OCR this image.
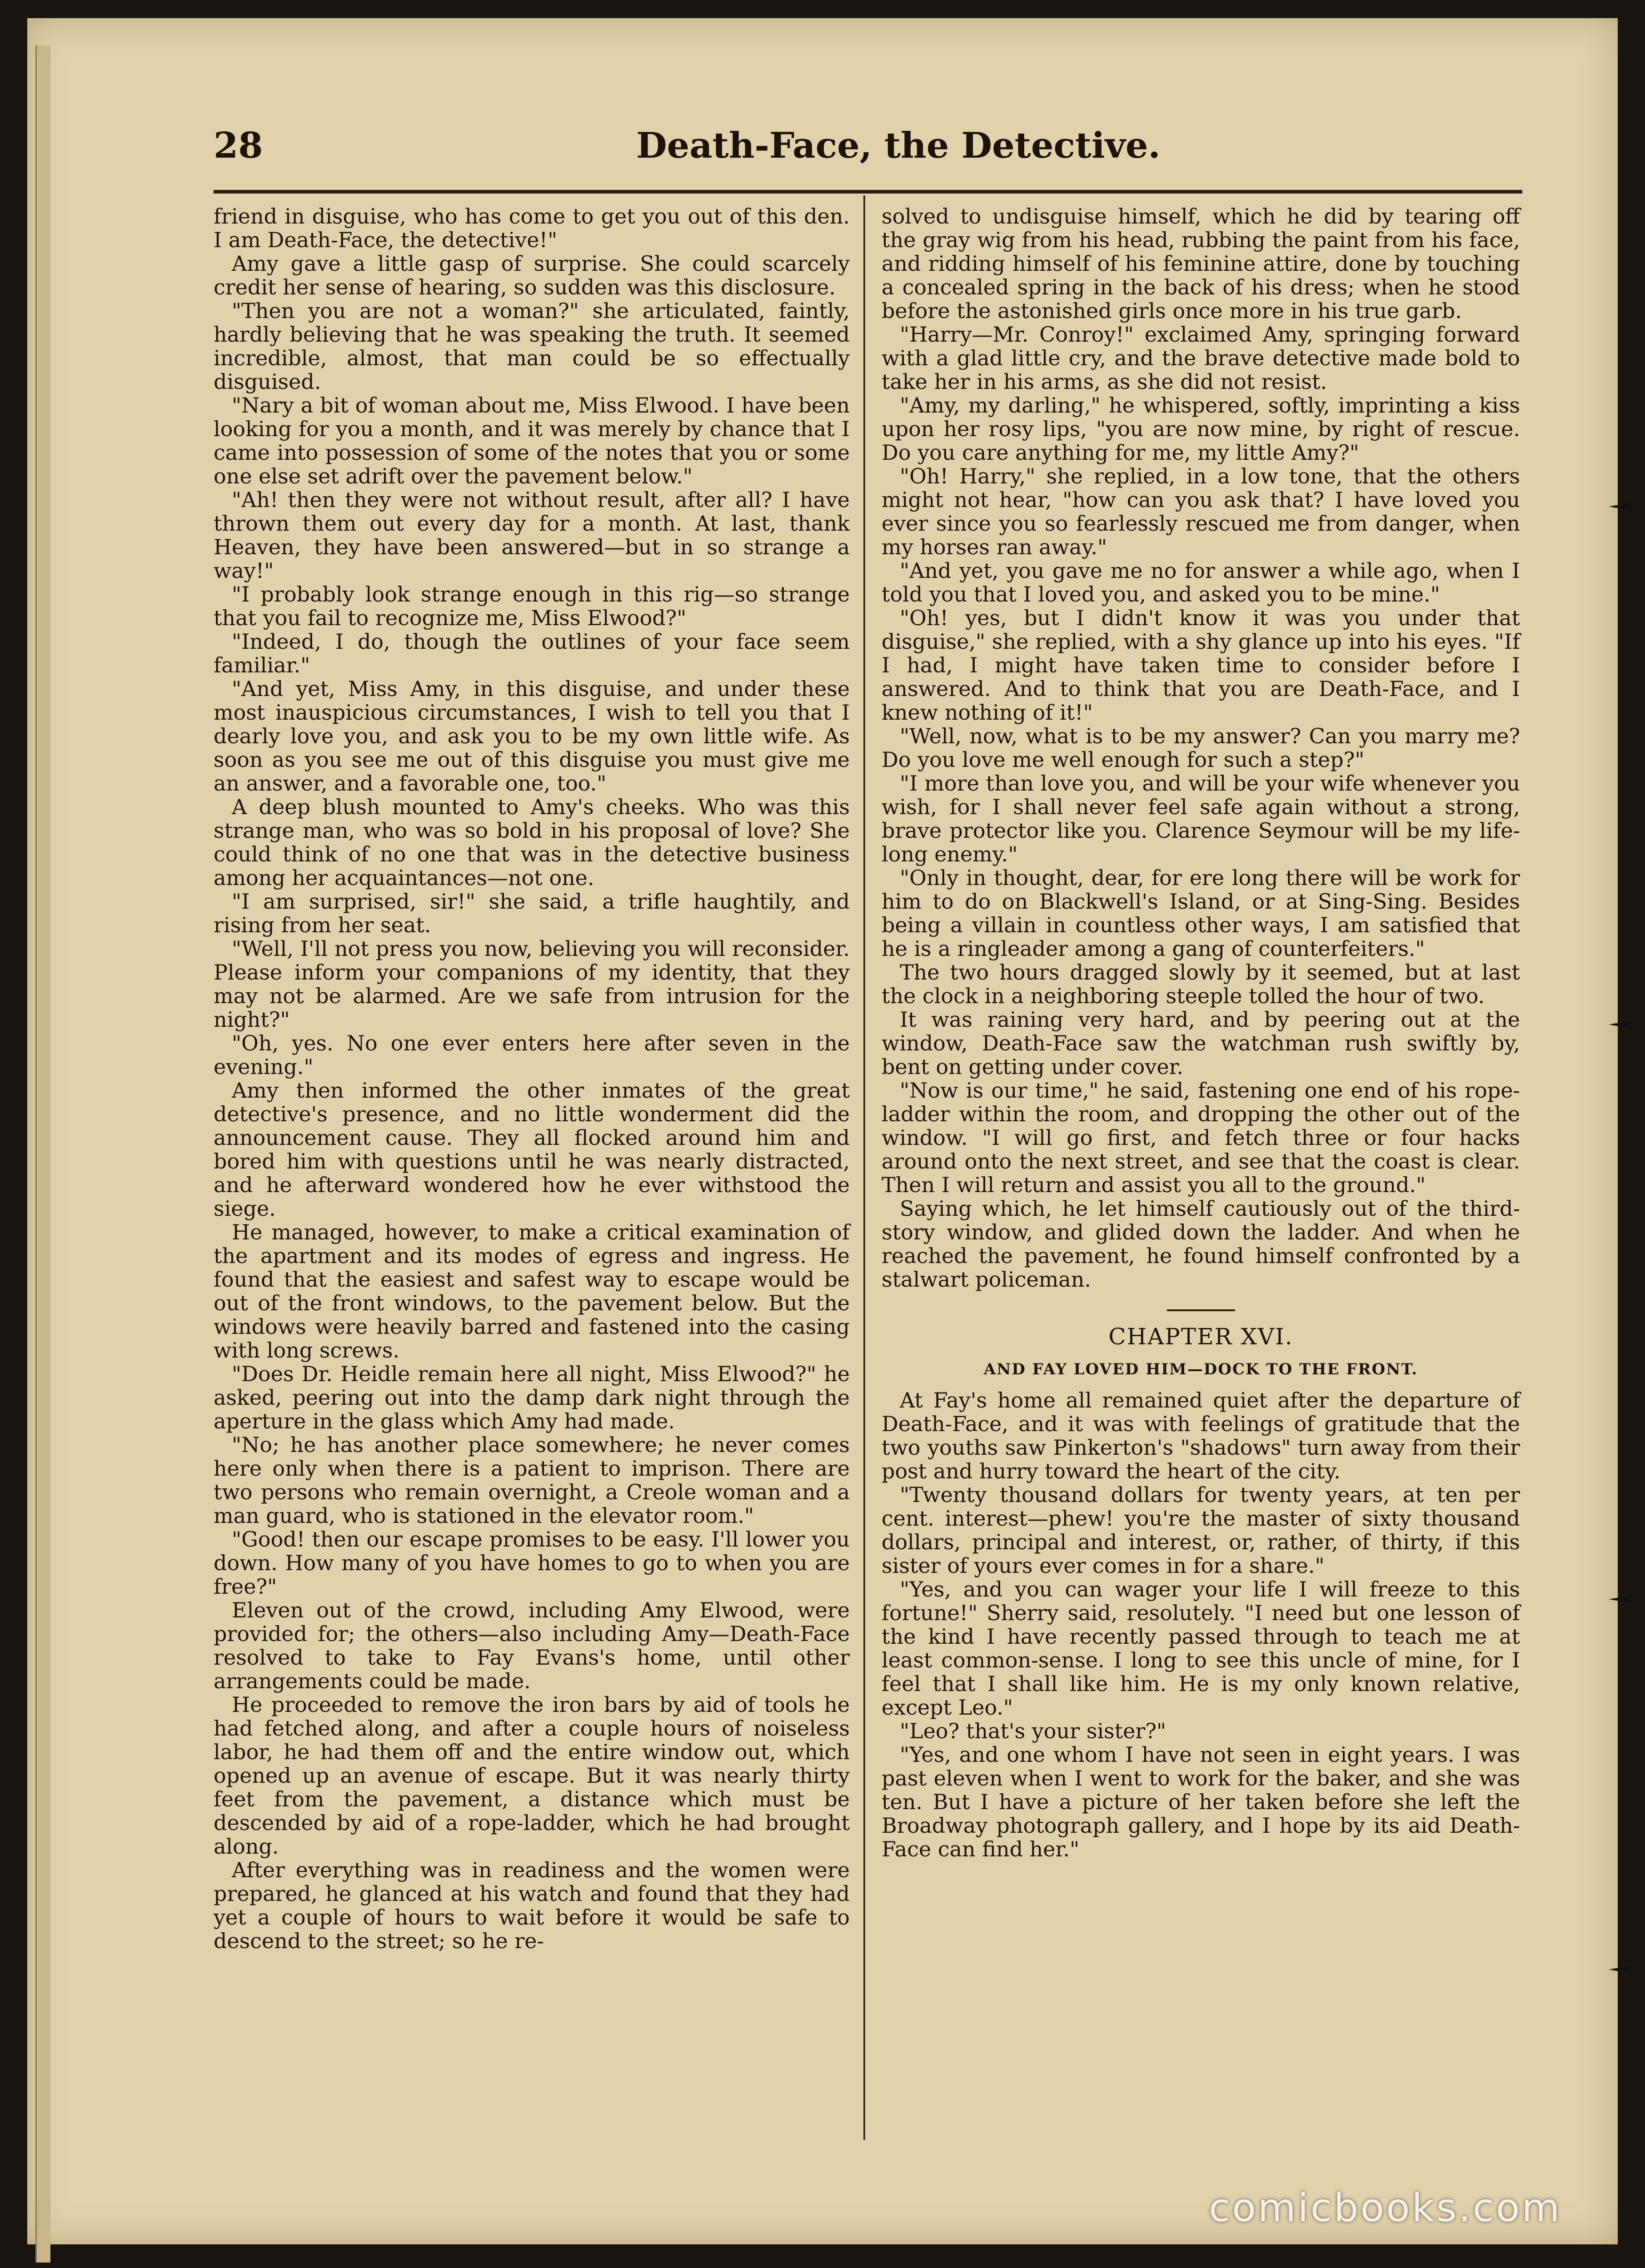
28	Death-Face, the Detective.

friend in disguise, who has come to get you out of this den. I am Death-Face, the detective!"

Amy gave a little gasp of surprise. She could scarcely credit her sense of hearing, so sudden was this disclosure.

"Then you are not a woman?" she articulated, faintly, hardly believing that he was speaking the truth. It seemed incredible, almost, that man could be so effectually disguised.

"Nary a bit of woman about me, Miss Elwood. I have been looking for you a month, and it was merely by chance that I came into possession of some of the notes that you or some one else set adrift over the pavement below."

"Ah! then they were not without result, after all? I have thrown them out every day for a month. At last, thank Heaven, they have been answered—but in so strange a way!"

"I probably look strange enough in this rig—so strange that you fail to recognize me, Miss Elwood?"

"Indeed, I do, though the outlines of your face seem familiar."

"And yet, Miss Amy, in this disguise, and under these most inauspicious circumstances, I wish to tell you that I dearly love you, and ask you to be my own little wife. As soon as you see me out of this disguise you must give me an answer, and a favorable one, too."

A deep blush mounted to Amy's cheeks. Who was this strange man, who was so bold in his proposal of love? She could think of no one that was in the detective business among her acquaintances—not one.

"I am surprised, sir!" she said, a trifle haughtily, and rising from her seat.

"Well, I'll not press you now, believing you will reconsider. Please inform your companions of my identity, that they may not be alarmed. Are we safe from intrusion for the night?"

"Oh, yes. No one ever enters here after seven in the evening."

Amy then informed the other inmates of the great detective's presence, and no little wonderment did the announcement cause. They all flocked around him and bored him with questions until he was nearly distracted, and he afterward wondered how he ever withstood the siege.

He managed, however, to make a critical examination of the apartment and its modes of egress and ingress. He found that the easiest and safest way to escape would be out of the front windows, to the pavement below. But the windows were heavily barred and fastened into the casing with long screws.

"Does Dr. Heidle remain here all night, Miss Elwood?" he asked, peering out into the damp dark night through the aperture in the glass which Amy had made.

"No; he has another place somewhere; he never comes here only when there is a patient to imprison. There are two persons who remain overnight, a Creole woman and a man guard, who is stationed in the elevator room."

"Good! then our escape promises to be easy. I'll lower you down. How many of you have homes to go to when you are free?"

Eleven out of the crowd, including Amy Elwood, were provided for; the others—also including Amy—Death-Face resolved to take to Fay Evans's home, until other arrangements could be made.

He proceeded to remove the iron bars by aid of tools he had fetched along, and after a couple hours of noiseless labor, he had them off and the entire window out, which opened up an avenue of escape. But it was nearly thirty feet from the pavement, a distance which must be descended by aid of a rope-ladder, which he had brought along.

After everything was in readiness and the women were prepared, he glanced at his watch and found that they had yet a couple of hours to wait before it would be safe to descend to the street; so he re-

solved to undisguise himself, which he did by tearing off the gray wig from his head, rubbing the paint from his face, and ridding himself of his feminine attire, done by touching a concealed spring in the back of his dress; when he stood before the astonished girls once more in his true garb.

"Harry—Mr. Conroy!" exclaimed Amy, springing forward with a glad little cry, and the brave detective made bold to take her in his arms, as she did not resist.

"Amy, my darling," he whispered, softly, imprinting a kiss upon her rosy lips, "you are now mine, by right of rescue. Do you care anything for me, my little Amy?"

"Oh! Harry," she replied, in a low tone, that the others might not hear, "how can you ask that? I have loved you ever since you so fearlessly rescued me from danger, when my horses ran away."

"And yet, you gave me no for answer a while ago, when I told you that I loved you, and asked you to be mine."

"Oh! yes, but I didn't know it was you under that disguise," she replied, with a shy glance up into his eyes. "If I had, I might have taken time to consider before I answered. And to think that you are Death-Face, and I knew nothing of it!"

"Well, now, what is to be my answer? Can you marry me? Do you love me well enough for such a step?"

"I more than love you, and will be your wife whenever you wish, for I shall never feel safe again without a strong, brave protector like you. Clarence Seymour will be my life-long enemy."

"Only in thought, dear, for ere long there will be work for him to do on Blackwell's Island, or at Sing-Sing. Besides being a villain in countless other ways, I am satisfied that he is a ringleader among a gang of counterfeiters."

The two hours dragged slowly by it seemed, but at last the clock in a neighboring steeple tolled the hour of two.

It was raining very hard, and by peering out at the window, Death-Face saw the watchman rush swiftly by, bent on getting under cover.

"Now is our time," he said, fastening one end of his rope-ladder within the room, and dropping the other out of the window. "I will go first, and fetch three or four hacks around onto the next street, and see that the coast is clear. Then I will return and assist you all to the ground."

Saying which, he let himself cautiously out of the third-story window, and glided down the ladder. And when he reached the pavement, he found himself confronted by a stalwart policeman.

CHAPTER XVI.
AND FAY LOVED HIM—DOCK TO THE FRONT.

At Fay's home all remained quiet after the departure of Death-Face, and it was with feelings of gratitude that the two youths saw Pinkerton's "shadows" turn away from their post and hurry toward the heart of the city.

"Twenty thousand dollars for twenty years, at ten per cent. interest—phew! you're the master of sixty thousand dollars, principal and interest, or, rather, of thirty, if this sister of yours ever comes in for a share."

"Yes, and you can wager your life I will freeze to this fortune!" Sherry said, resolutely. "I need but one lesson of the kind I have recently passed through to teach me at least common-sense. I long to see this uncle of mine, for I feel that I shall like him. He is my only known relative, except Leo."

"Leo? that's your sister?"

"Yes, and one whom I have not seen in eight years. I was past eleven when I went to work for the baker, and she was ten. But I have a picture of her taken before she left the Broadway photograph gallery, and I hope by its aid Death-Face can find her."

comicbooks.com
